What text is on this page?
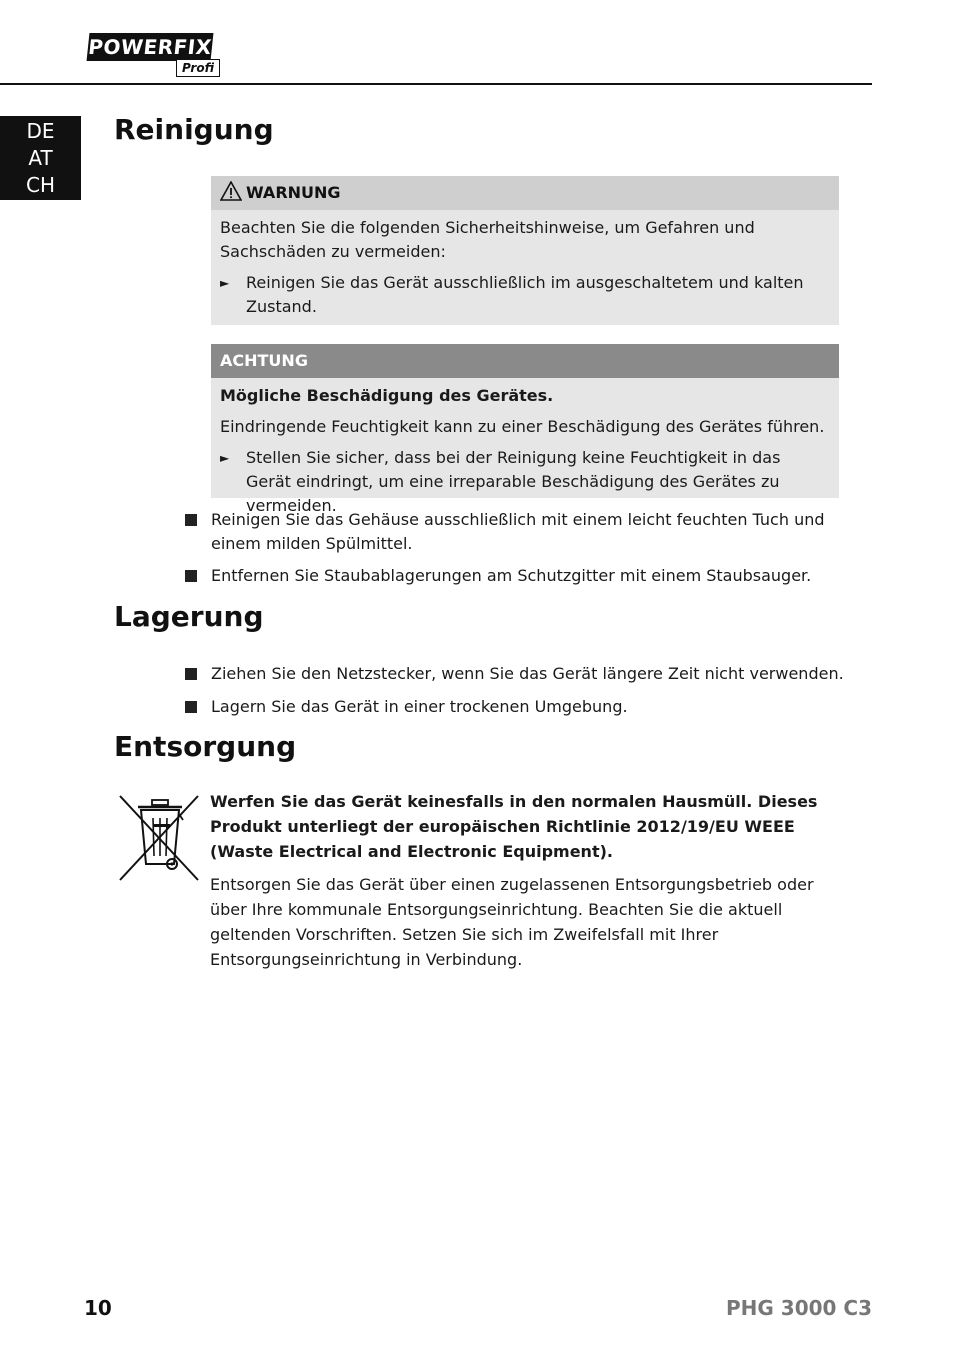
POWERFIX
Profi
DE
AT
CH
Reinigung
WARNUNG

Beachten Sie die folgenden Sicherheitshinweise, um Gefahren und Sachschäden zu vermeiden:

►	Reinigen Sie das Gerät ausschließlich im ausgeschaltetem und kalten Zustand.
ACHTUNG

Mögliche Beschädigung des Gerätes.

Eindringende Feuchtigkeit kann zu einer Beschädigung des Gerätes führen.

►	Stellen Sie sicher, dass bei der Reinigung keine Feuchtigkeit in das Gerät eindringt, um eine irreparable Beschädigung des Gerätes zu vermeiden.
Reinigen Sie das Gehäuse ausschließlich mit einem leicht feuchten Tuch und einem milden Spülmittel.
Entfernen Sie Staubablagerungen am Schutzgitter mit einem Staubsauger.
Lagerung
Ziehen Sie den Netzstecker, wenn Sie das Gerät längere Zeit nicht verwenden.
Lagern Sie das Gerät in einer trockenen Umgebung.
Entsorgung

Werfen Sie das Gerät keinesfalls in den normalen Hausmüll. Dieses Produkt unterliegt der europäischen Richtlinie 2012/19/EU WEEE (Waste Electrical and Electronic Equipment).

Entsorgen Sie das Gerät über einen zugelassenen Entsorgungsbetrieb oder über Ihre kommunale Entsorgungseinrichtung. Beachten Sie die aktuell geltenden Vorschriften. Setzen Sie sich im Zweifelsfall mit Ihrer Entsorgungseinrichtung in Verbindung.

10	PHG 3000 C3
